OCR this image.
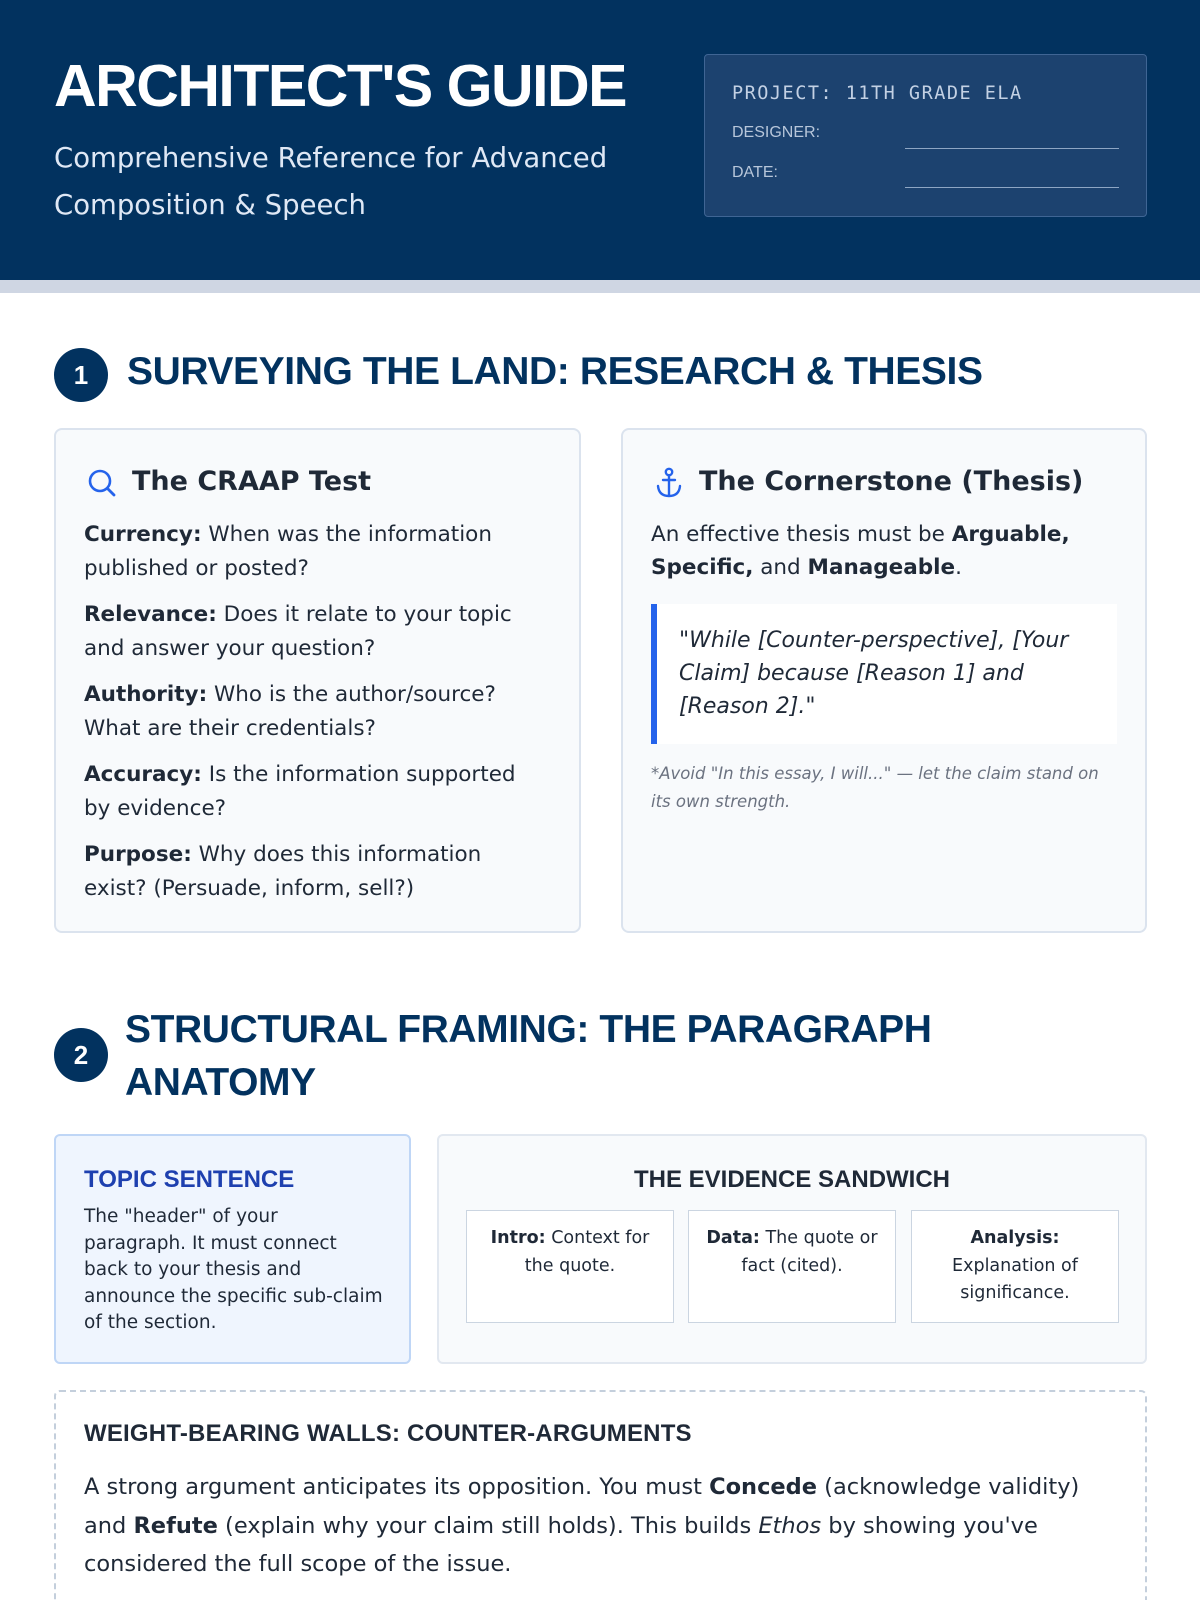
ARCHITECT'S GUIDE
Comprehensive Reference for Advanced Composition & Speech
PROJECT: 11TH GRADE ELA
DESIGNER:
DATE:
1 SURVEYING THE LAND: RESEARCH & THESIS
The CRAAP Test
Currency: When was the information published or posted?
Relevance: Does it relate to your topic and answer your question?
Authority: Who is the author/source? What are their credentials?
Accuracy: Is the information supported by evidence?
Purpose: Why does this information exist? (Persuade, inform, sell?)
The Cornerstone (Thesis)
An effective thesis must be Arguable, Specific, and Manageable.
"While [Counter-perspective], [Your Claim] because [Reason 1] and [Reason 2]."
*Avoid "In this essay, I will..." — let the claim stand on its own strength.
2
STRUCTURAL FRAMING: THE PARAGRAPH
ANATOMY
TOPIC SENTENCE
The "header" of your paragraph. It must connect back to your thesis and announce the specific sub-claim of the section.
THE EVIDENCE SANDWICH
Intro: Context for the quote.
Data: The quote or fact (cited).
Analysis:
Explanation of significance.
WEIGHT-BEARING WALLS: COUNTER-ARGUMENTS
A strong argument anticipates its opposition. You must Concede (acknowledge validity) and Refute (explain why your claim still holds). This builds Ethos by showing you've considered the full scope of the issue.
